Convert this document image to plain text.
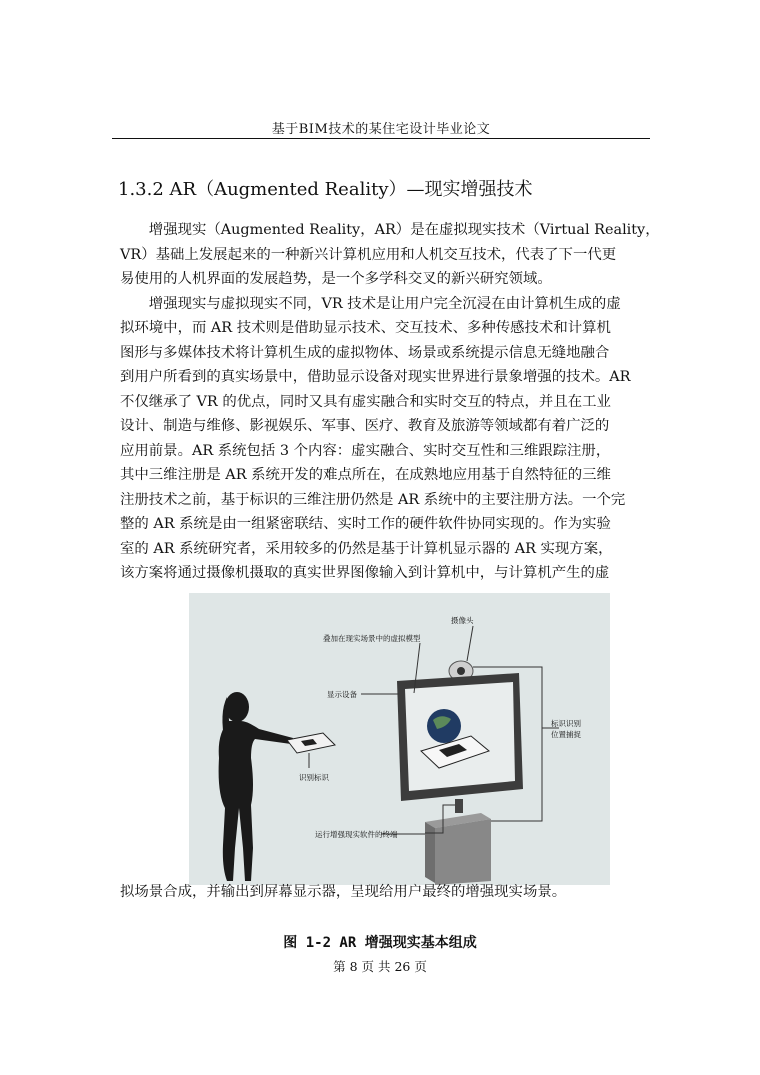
基于BIM技术的某住宅设计毕业论文
1.3.2 AR（Augmented Reality）—现实增强技术

增强现实（Augmented Reality，AR）是在虚拟现实技术（Virtual Reality，
VR）基础上发展起来的一种新兴计算机应用和人机交互技术，代表了下一代更
易使用的人机界面的发展趋势，是一个多学科交叉的新兴研究领域。

增强现实与虚拟现实不同，VR 技术是让用户完全沉浸在由计算机生成的虚
拟环境中，而 AR 技术则是借助显示技术、交互技术、多种传感技术和计算机
图形与多媒体技术将计算机生成的虚拟物体、场景或系统提示信息无缝地融合
到用户所看到的真实场景中，借助显示设备对现实世界进行景象增强的技术。AR
不仅继承了 VR 的优点，同时又具有虚实融合和实时交互的特点，并且在工业
设计、制造与维修、影视娱乐、军事、医疗、教育及旅游等领域都有着广泛的
应用前景。AR 系统包括 3 个内容：虚实融合、实时交互性和三维跟踪注册，
其中三维注册是 AR 系统开发的难点所在，在成熟地应用基于自然特征的三维
注册技术之前，基于标识的三维注册仍然是 AR 系统中的主要注册方法。一个完
整的 AR 系统是由一组紧密联结、实时工作的硬件软件协同实现的。作为实验
室的 AR 系统研究者，采用较多的仍然是基于计算机显示器的 AR 实现方案，
该方案将通过摄像机摄取的真实世界图像输入到计算机中，与计算机产生的虚

摄像头
叠加在现实场景中的虚拟模型
显示设备
识别标识
标识识别
位置捕捉
运行增强现实软件的终端
拟场景合成，并输出到屏幕显示器，呈现给用户最终的增强现实场景。
图 1-2 AR 增强现实基本组成
第 8 页 共 26 页
